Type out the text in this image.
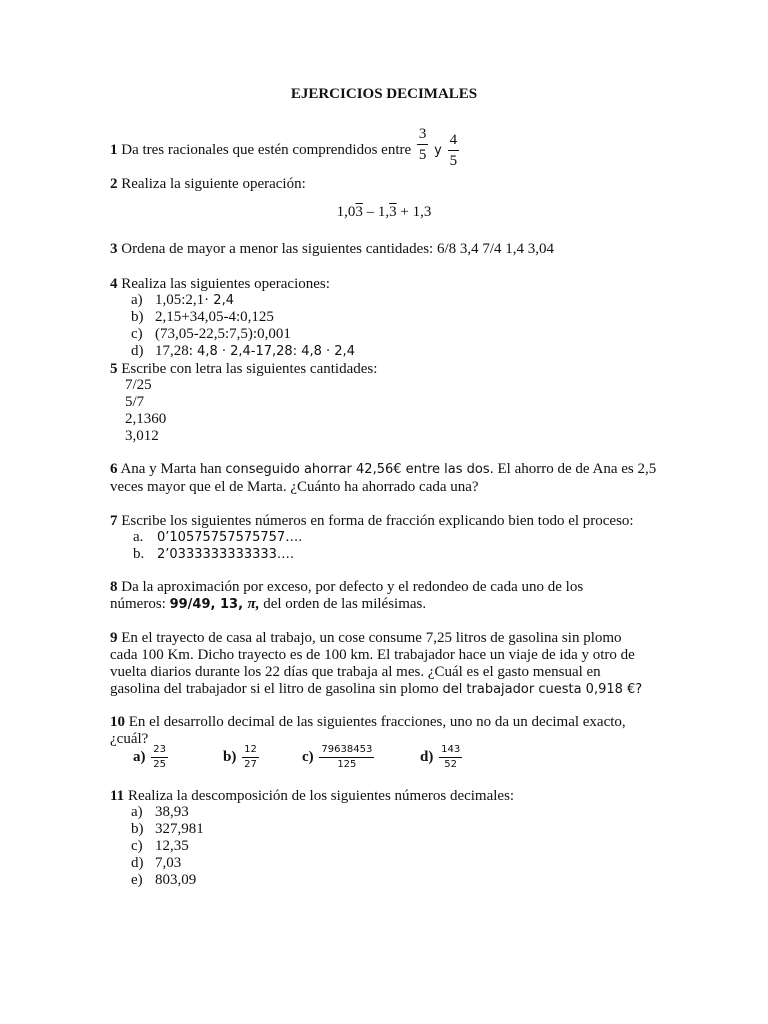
EJERCICIOS DECIMALES
1 Da tres racionales que estén comprendidos entre $\frac{3}{5}$ y $\frac{4}{5}$
2 Realiza la siguiente operación:
1,03 – 1,3 + 1,3
3 Ordena de mayor a menor las siguientes cantidades: 6/8 3,4 7/4 1,4 3,04
4 Realiza las siguientes operaciones:
a) 1,05:2,1· 2,4
b) 2,15+34,05-4:0,125
c) (73,05-22,5:7,5):0,001
d) 17,28: 4,8 · 2,4-17,28: 4,8 · 2,4
5 Escribe con letra las siguientes cantidades:
7/25
5/7
2,1360
3,012
6 Ana y Marta han conseguido ahorrar 42,56€ entre las dos. El ahorro de de Ana es 2,5
veces mayor que el de Marta. ¿Cuánto ha ahorrado cada una?
7 Escribe los siguientes números en forma de fracción explicando bien todo el proceso:
a. 0’10575757575757….
b. 2’0333333333333….
8 Da la aproximación por exceso, por defecto y el redondeo de cada uno de los
números: 99/49, 13, π, del orden de las milésimas.
9 En el trayecto de casa al trabajo, un cose consume 7,25 litros de gasolina sin plomo
cada 100 Km. Dicho trayecto es de 100 km. El trabajador hace un viaje de ida y otro de
vuelta diarios durante los 22 días que trabaja al mes. ¿Cuál es el gasto mensual en
gasolina del trabajador si el litro de gasolina sin plomo del trabajador cuesta 0,918 €?
10 En el desarrollo decimal de las siguientes fracciones, uno no da un decimal exacto,
¿cuál?
$a) \frac{23}{25}$	$b) \frac{12}{27}$	$c) \frac{79638453}{125}$	$d) \frac{143}{52}$
11 Realiza la descomposición de los siguientes números decimales:
a) 38,93
b) 327,981
c) 12,35
d) 7,03
e) 803,09
